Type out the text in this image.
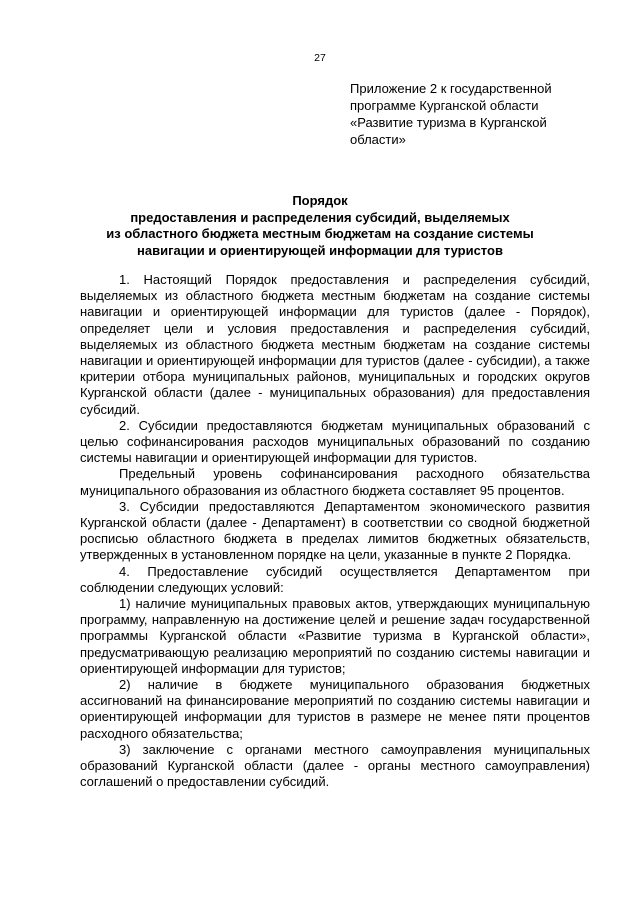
27
Приложение 2 к государственной
программе Курганской области
«Развитие туризма в Курганской
области»
Порядок
предоставления и распределения субсидий, выделяемых
из областного бюджета местным бюджетам на создание системы
навигации и ориентирующей информации для туристов

1. Настоящий Порядок предоставления и распределения субсидий, выделяемых из областного бюджета местным бюджетам на создание системы навигации и ориентирующей информации для туристов (далее - Порядок), определяет цели и условия предоставления и распределения субсидий, выделяемых из областного бюджета местным бюджетам на создание системы навигации и ориентирующей информации для туристов (далее - субсидии), а также критерии отбора муниципальных районов, муниципальных и городских округов Курганской области (далее - муниципальных образования) для предоставления субсидий.

2. Субсидии предоставляются бюджетам муниципальных образований с целью софинансирования расходов муниципальных образований по созданию системы навигации и ориентирующей информации для туристов.

Предельный уровень софинансирования расходного обязательства муниципального образования из областного бюджета составляет 95 процентов.

3. Субсидии предоставляются Департаментом экономического развития Курганской области (далее - Департамент) в соответствии со сводной бюджетной росписью областного бюджета в пределах лимитов бюджетных обязательств, утвержденных в установленном порядке на цели, указанные в пункте 2 Порядка.

4. Предоставление субсидий осуществляется Департаментом при соблюдении следующих условий:

1) наличие муниципальных правовых актов, утверждающих муниципальную программу, направленную на достижение целей и решение задач государственной программы Курганской области «Развитие туризма в Курганской области», предусматривающую реализацию мероприятий по созданию системы навигации и ориентирующей информации для туристов;

2) наличие в бюджете муниципального образования бюджетных ассигнований на финансирование мероприятий по созданию системы навигации и ориентирующей информации для туристов в размере не менее пяти процентов расходного обязательства;

3) заключение с органами местного самоуправления муниципальных образований Курганской области (далее - органы местного самоуправления) соглашений о предоставлении субсидий.
